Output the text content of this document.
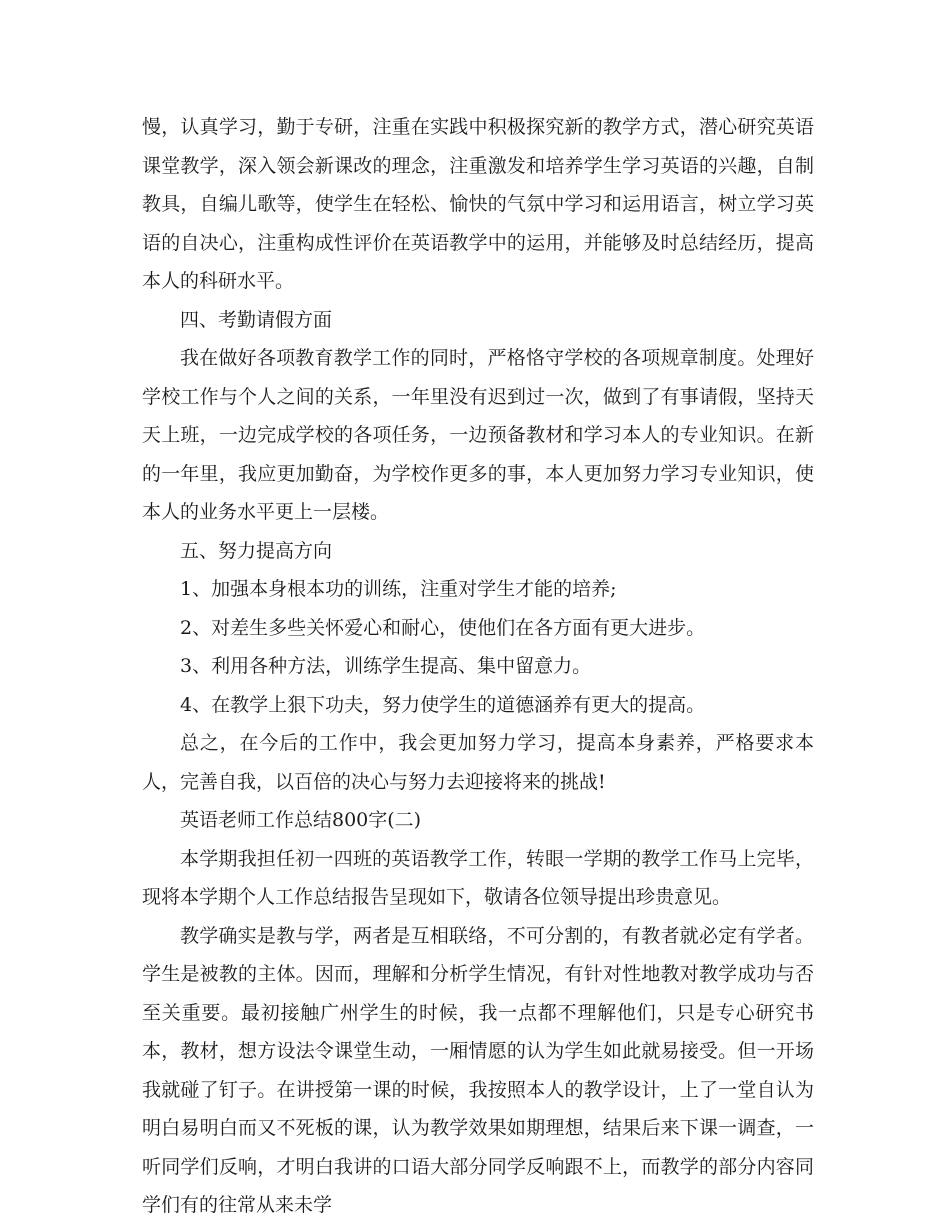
慢，认真学习，勤于专研，注重在实践中积极探究新的教学方式，潜心研究英语课堂教学，深入领会新课改的理念，注重激发和培养学生学习英语的兴趣，自制教具，自编儿歌等，使学生在轻松、愉快的气氛中学习和运用语言，树立学习英语的自决心，注重构成性评价在英语教学中的运用，并能够及时总结经历，提高本人的科研水平。

四、考勤请假方面

我在做好各项教育教学工作的同时，严格恪守学校的各项规章制度。处理好学校工作与个人之间的关系，一年里没有迟到过一次，做到了有事请假，坚持天天上班，一边完成学校的各项任务，一边预备教材和学习本人的专业知识。在新的一年里，我应更加勤奋，为学校作更多的事，本人更加努力学习专业知识，使本人的业务水平更上一层楼。

五、努力提高方向

1、加强本身根本功的训练，注重对学生才能的培养;

2、对差生多些关怀爱心和耐心，使他们在各方面有更大进步。

3、利用各种方法，训练学生提高、集中留意力。

4、在教学上狠下功夫，努力使学生的道德涵养有更大的提高。

总之，在今后的工作中，我会更加努力学习，提高本身素养，严格要求本人，完善自我，以百倍的决心与努力去迎接将来的挑战!

英语老师工作总结800字(二)

本学期我担任初一四班的英语教学工作，转眼一学期的教学工作马上完毕，现将本学期个人工作总结报告呈现如下，敬请各位领导提出珍贵意见。

教学确实是教与学，两者是互相联络，不可分割的，有教者就必定有学者。学生是被教的主体。因而，理解和分析学生情况，有针对性地教对教学成功与否至关重要。最初接触广州学生的时候，我一点都不理解他们，只是专心研究书本，教材，想方设法令课堂生动，一厢情愿的认为学生如此就易接受。但一开场我就碰了钉子。在讲授第一课的时候，我按照本人的教学设计，上了一堂自认为明白易明白而又不死板的课，认为教学效果如期理想，结果后来下课一调查，一听同学们反响，才明白我讲的口语大部分同学反响跟不上，而教学的部分内容同学们有的往常从来未学
